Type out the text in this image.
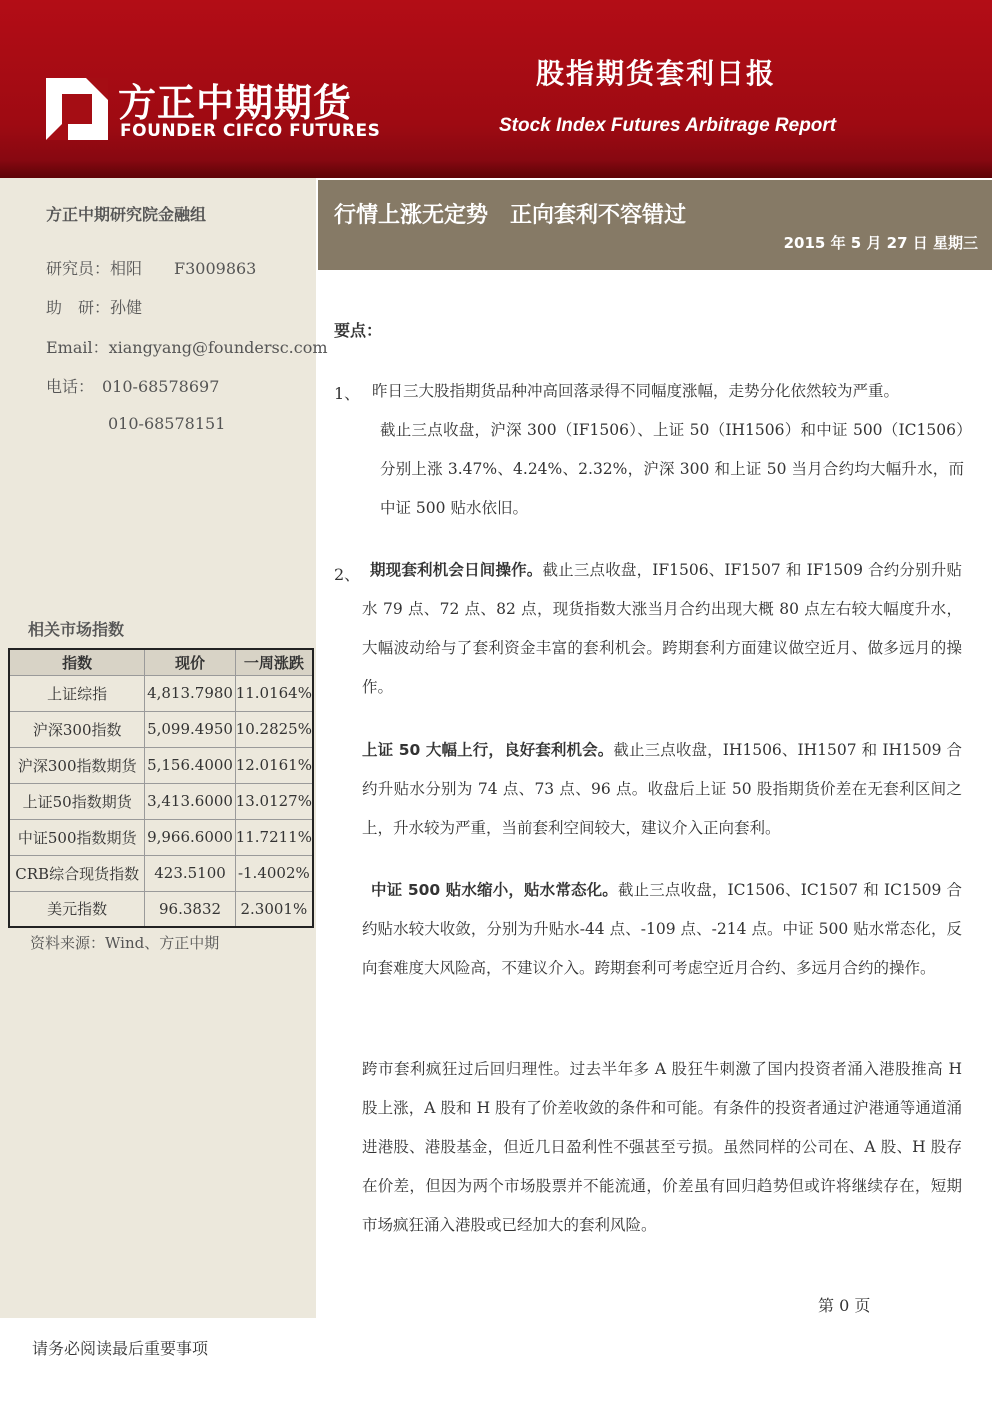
方正中期期货
FOUNDER CIFCO FUTURES
股指期货套利日报
Stock Index Futures Arbitrage Report
方正中期研究院金融组
研究员：相阳　　F3009863
助　研：孙健
Email：xiangyang@foundersc.com
电话：　010-68578697
010-68578151
相关市场指数
指数	现价	一周涨跌
上证综指	4,813.7980	11.0164%
沪深300指数	5,099.4950	10.2825%
沪深300指数期货	5,156.4000	12.0161%
上证50指数期货	3,413.6000	13.0127%
中证500指数期货	9,966.6000	11.7211%
CRB综合现货指数	423.5100	-1.4002%
美元指数	96.3832	2.3001%
资料来源：Wind、方正中期
行情上涨无定势　正向套利不容错过
2015 年 5 月 27 日 星期三
要点：
1、 昨日三大股指期货品种冲高回落录得不同幅度涨幅，走势分化依然较为严重。
截止三点收盘，沪深 300（IF1506）、上证 50（IH1506）和中证 500（IC1506）分别上涨 3.47%、4.24%、2.32%，沪深 300 和上证 50 当月合约均大幅升水，而中证 500 贴水依旧。
2、 期现套利机会日间操作。截止三点收盘，IF1506、IF1507 和 IF1509 合约分别升贴水 79 点、72 点、82 点，现货指数大涨当月合约出现大概 80 点左右较大幅度升水，大幅波动给与了套利资金丰富的套利机会。跨期套利方面建议做空近月、做多远月的操作。
上证 50 大幅上行，良好套利机会。截止三点收盘，IH1506、IH1507 和 IH1509 合约升贴水分别为 74 点、73 点、96 点。收盘后上证 50 股指期货价差在无套利区间之上，升水较为严重，当前套利空间较大，建议介入正向套利。
中证 500 贴水缩小，贴水常态化。截止三点收盘，IC1506、IC1507 和 IC1509 合约贴水较大收敛，分别为升贴水-44 点、-109 点、-214 点。中证 500 贴水常态化，反向套难度大风险高，不建议介入。跨期套利可考虑空近月合约、多远月合约的操作。
跨市套利疯狂过后回归理性。过去半年多 A 股狂牛刺激了国内投资者涌入港股推高 H 股上涨，A 股和 H 股有了价差收敛的条件和可能。有条件的投资者通过沪港通等通道涌进港股、港股基金，但近几日盈利性不强甚至亏损。虽然同样的公司在、A 股、H 股存在价差，但因为两个市场股票并不能流通，价差虽有回归趋势但或许将继续存在，短期市场疯狂涌入港股或已经加大的套利风险。
第 0 页
请务必阅读最后重要事项
